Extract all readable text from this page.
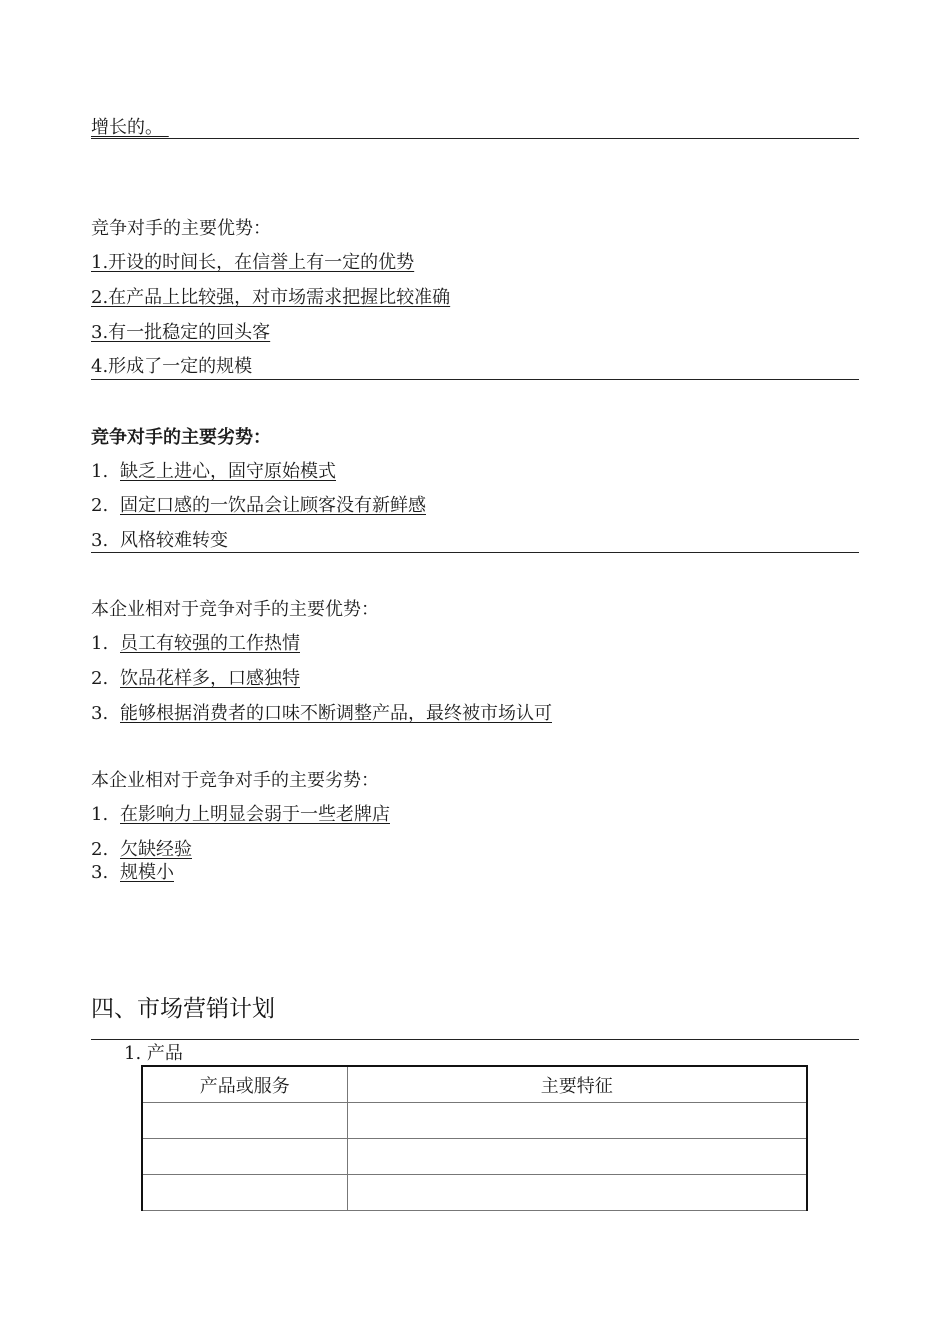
增长的。
竞争对手的主要优势：
1.开设的时间长，在信誉上有一定的优势
2.在产品上比较强，对市场需求把握比较准确
3.有一批稳定的回头客
4.形成了一定的规模
竞争对手的主要劣势：
1. 缺乏上进心，固守原始模式
2. 固定口感的一饮品会让顾客没有新鲜感
3. 风格较难转变
本企业相对于竞争对手的主要优势：
1. 员工有较强的工作热情
2. 饮品花样多，口感独特
3. 能够根据消费者的口味不断调整产品，最终被市场认可
本企业相对于竞争对手的主要劣势：
1. 在影响力上明显会弱于一些老牌店
2. 欠缺经验
3. 规模小
四、市场营销计划
1. 产品
产品或服务	主要特征
